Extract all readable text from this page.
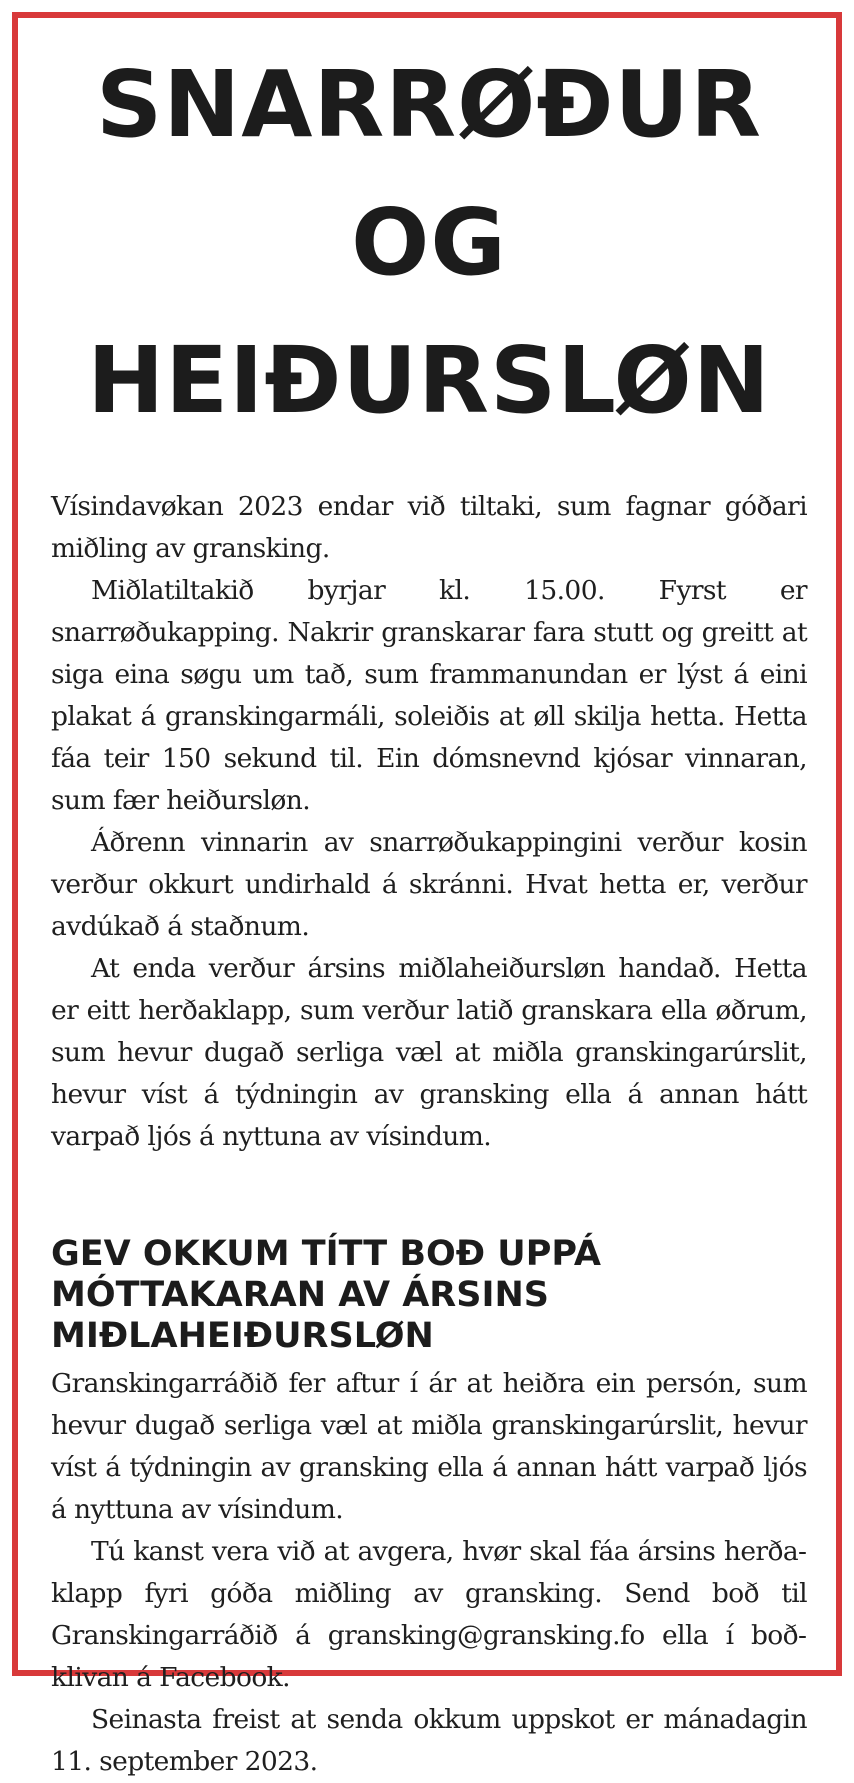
SNARRØÐUR OG
HEIÐURSLØN

Vísindavøkan 2023 endar við tiltaki, sum fagnar góðari miðling av gransking.

Miðlatiltakið byrjar kl. 15.00. Fyrst er snarrøðukapping. Nakrir granskarar fara stutt og greitt at siga eina søgu um tað, sum frammanundan er lýst á eini plakat á granskingarmáli, soleiðis at øll skilja hetta. Hetta fáa teir 150 sekund til. Ein dómsnevnd kjósar vinnaran, sum fær heiðursløn.

Áðrenn vinnarin av snarrøðukappingini verður kosin verður okkurt undirhald á skránni. Hvat hetta er, verður avdúkað á staðnum.

At enda verður ársins miðlaheiðursløn handað. Hetta er eitt herðaklapp, sum verður latið granskara ella øðrum, sum hevur dugað serliga væl at miðla granskingarúrslit, hevur víst á týdningin av gransking ella á annan hátt varpað ljós á nyttuna av vísindum.

GEV OKKUM TÍTT BOÐ UPPÁ
MÓTTAKARAN AV ÁRSINS
MIÐLAHEIÐURSLØN

Granskingarráðið fer aftur í ár at heiðra ein persón, sum hevur dugað serliga væl at miðla granskingarúrslit, hevur víst á týdningin av gransking ella á annan hátt varpað ljós á nyttuna av vísindum.

Tú kanst vera við at avgera, hvør skal fáa ársins herðaklapp fyri góða miðling av gransking. Send boð til Granskingarráðið á gransking@gransking.fo ella í boðklivan á Facebook.

Seinasta freist at senda okkum uppskot er mánadagin 11. september 2023.
